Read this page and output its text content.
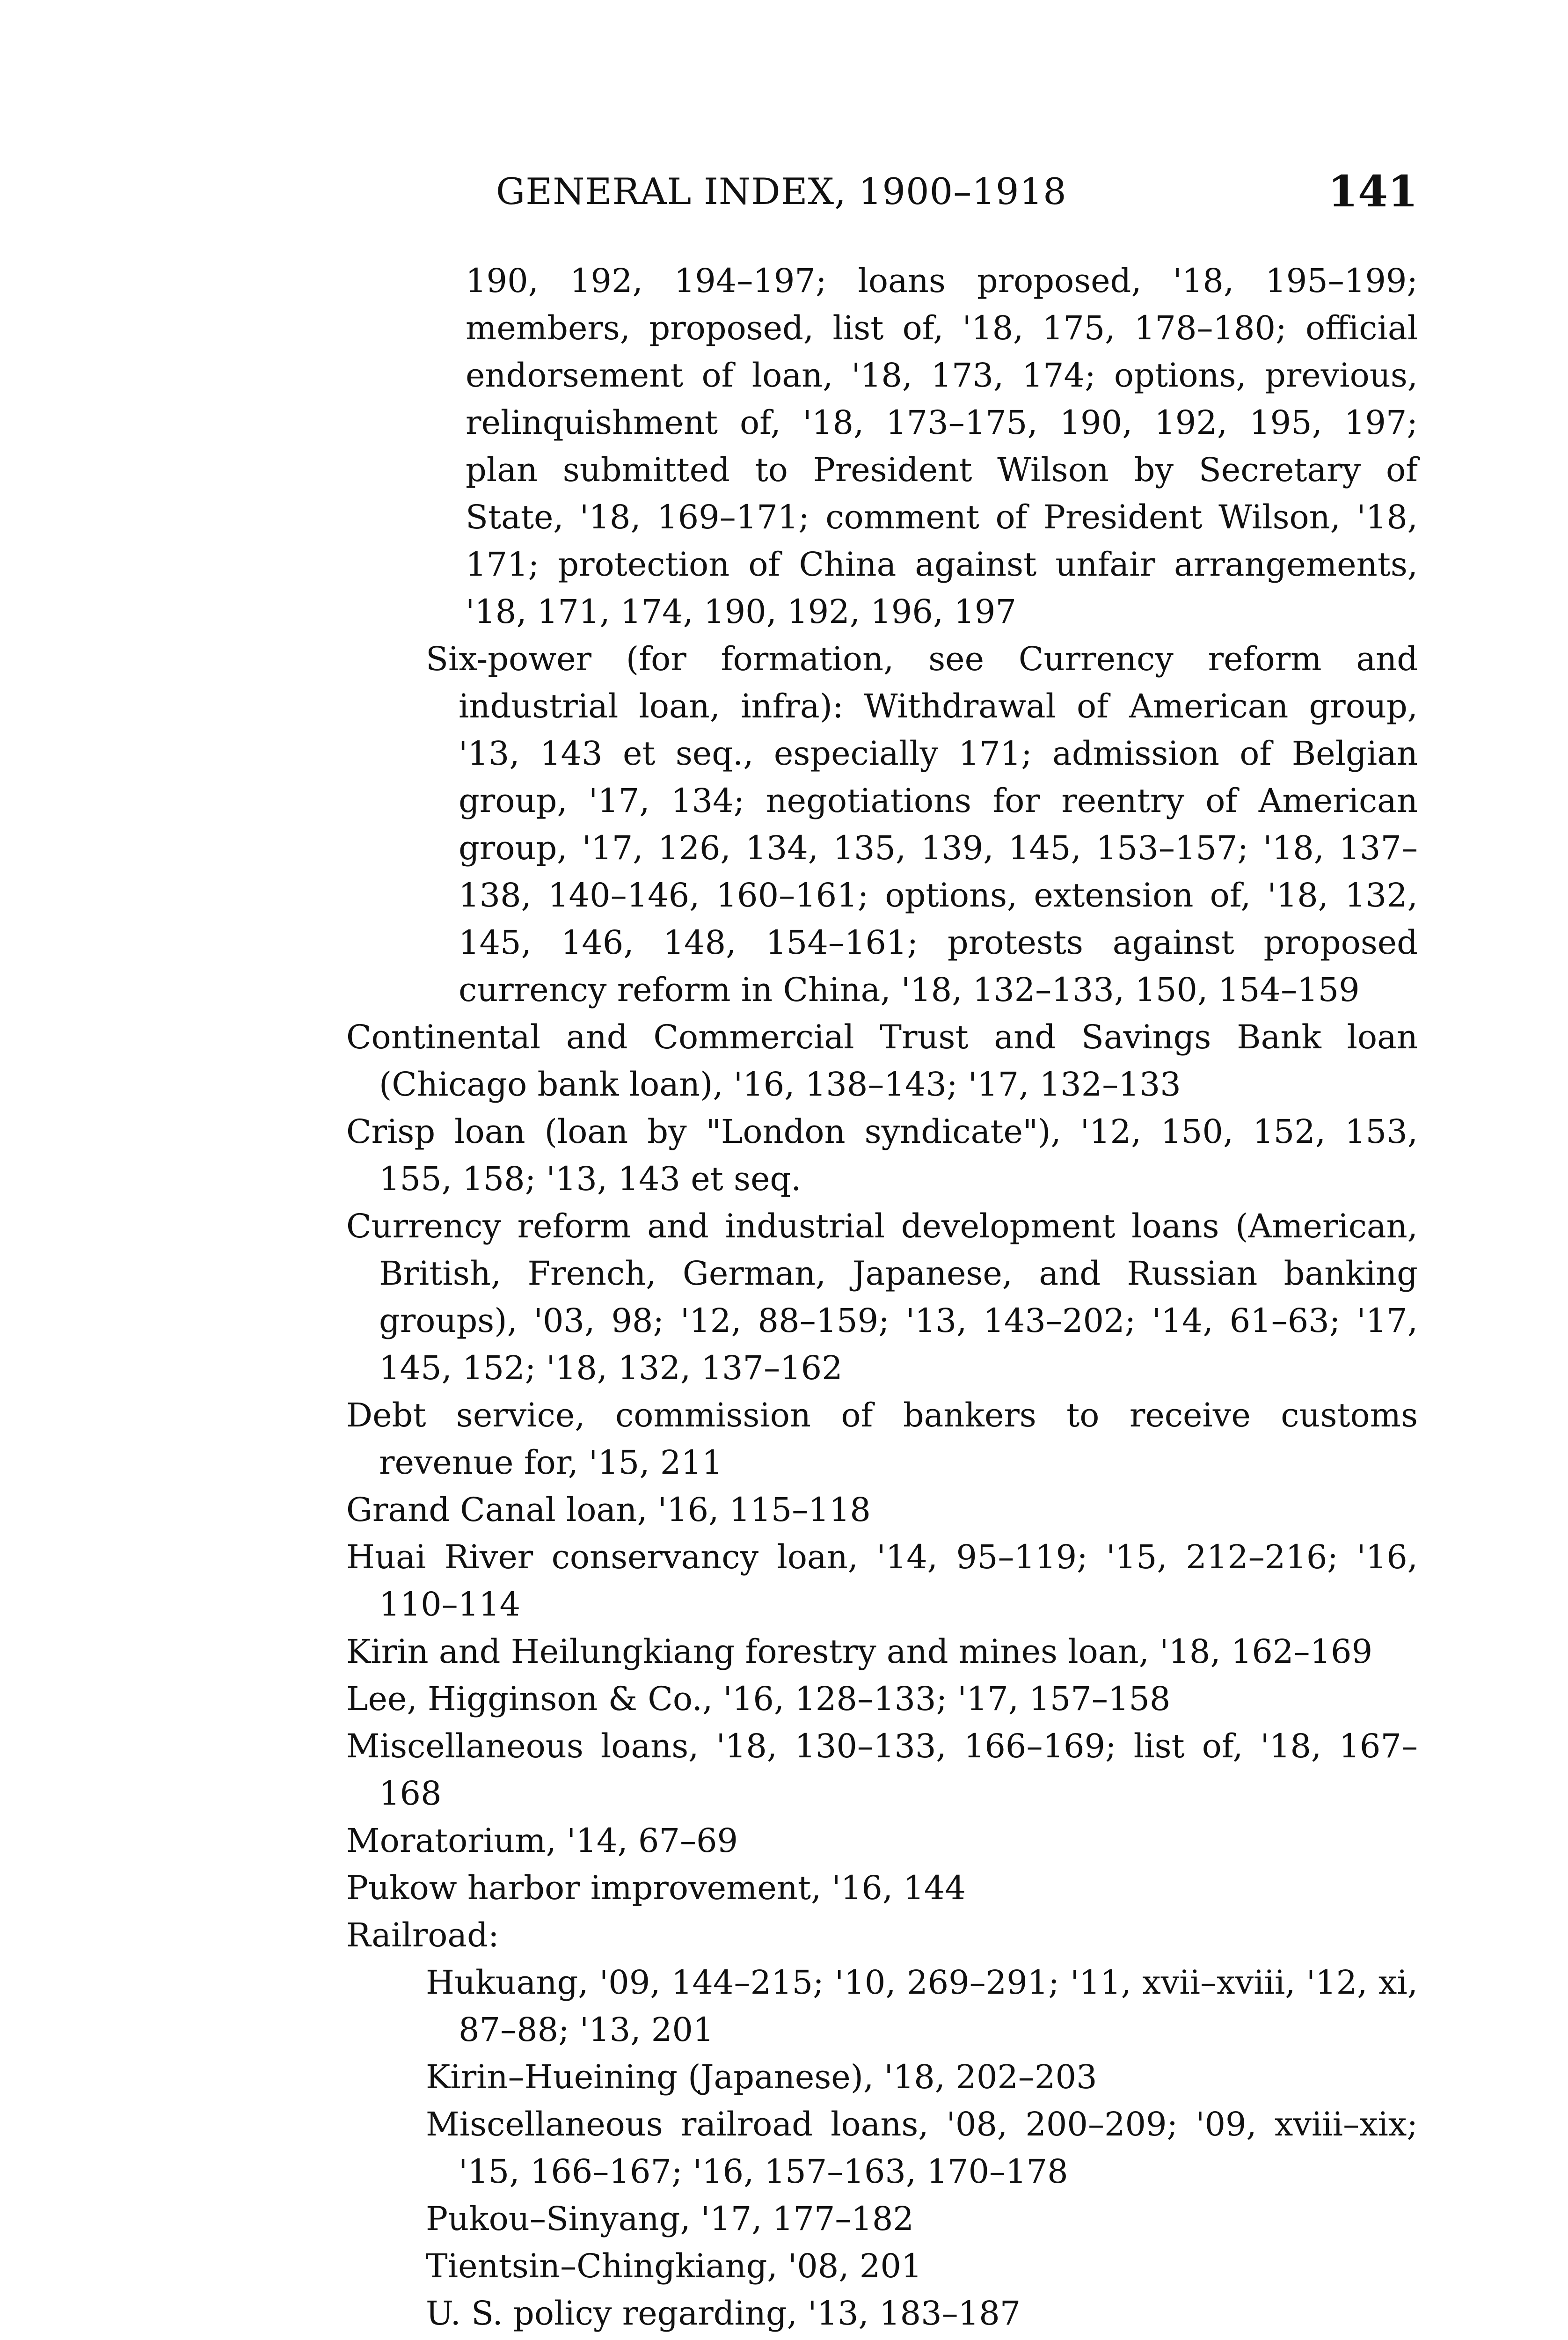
GENERAL INDEX, 1900–1918	141
190, 192, 194–197; loans proposed, '18, 195–199; members, proposed, list of, '18, 175, 178–180; official endorsement of loan, '18, 173, 174; options, previous, relinquishment of, '18, 173–175, 190, 192, 195, 197; plan submitted to President Wilson by Secretary of State, '18, 169–171; comment of President Wilson, '18, 171; protection of China against unfair arrangements, '18, 171, 174, 190, 192, 196, 197
Six-power (for formation, see Currency reform and industrial loan, infra): Withdrawal of American group, '13, 143 et seq., especially 171; admission of Belgian group, '17, 134; negotiations for reentry of American group, '17, 126, 134, 135, 139, 145, 153–157; '18, 137–138, 140–146, 160–161; options, extension of, '18, 132, 145, 146, 148, 154–161; protests against proposed currency reform in China, '18, 132–133, 150, 154–159
Continental and Commercial Trust and Savings Bank loan (Chicago bank loan), '16, 138–143; '17, 132–133
Crisp loan (loan by "London syndicate"), '12, 150, 152, 153, 155, 158; '13, 143 et seq.
Currency reform and industrial development loans (American, British, French, German, Japanese, and Russian banking groups), '03, 98; '12, 88–159; '13, 143–202; '14, 61–63; '17, 145, 152; '18, 132, 137–162
Debt service, commission of bankers to receive customs revenue for, '15, 211
Grand Canal loan, '16, 115–118
Huai River conservancy loan, '14, 95–119; '15, 212–216; '16, 110–114
Kirin and Heilungkiang forestry and mines loan, '18, 162–169
Lee, Higginson & Co., '16, 128–133; '17, 157–158
Miscellaneous loans, '18, 130–133, 166–169; list of, '18, 167–168
Moratorium, '14, 67–69
Pukow harbor improvement, '16, 144
Railroad:
Hukuang, '09, 144–215; '10, 269–291; '11, xvii–xviii, '12, xi, 87–88; '13, 201
Kirin–Hueining (Japanese), '18, 202–203
Miscellaneous railroad loans, '08, 200–209; '09, xviii–xix; '15, 166–167; '16, 157–163, 170–178
Pukou–Sinyang, '17, 177–182
Tientsin–Chingkiang, '08, 201
U. S. policy regarding, '13, 183–187
